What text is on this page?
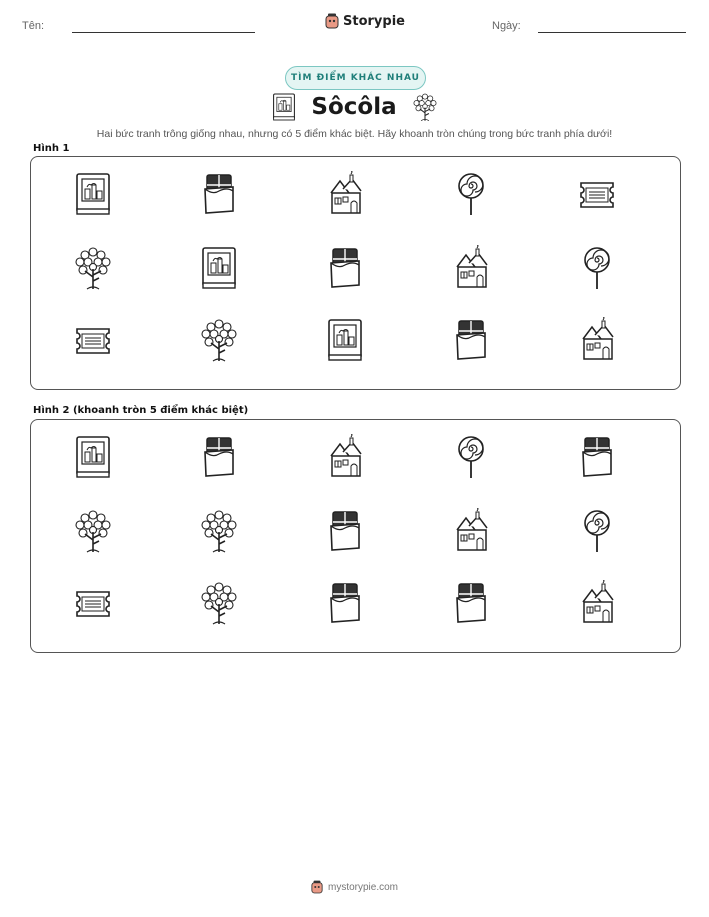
Tên:	Storypie	Ngày:
TÌM ĐIỂM KHÁC NHAU
Sôcôla
Hai bức tranh trông giống nhau, nhưng có 5 điểm khác biệt. Hãy khoanh tròn chúng trong bức tranh phía dưới!
Hình 1
Hình 2 (khoanh tròn 5 điểm khác biệt)
mystorypie.com
